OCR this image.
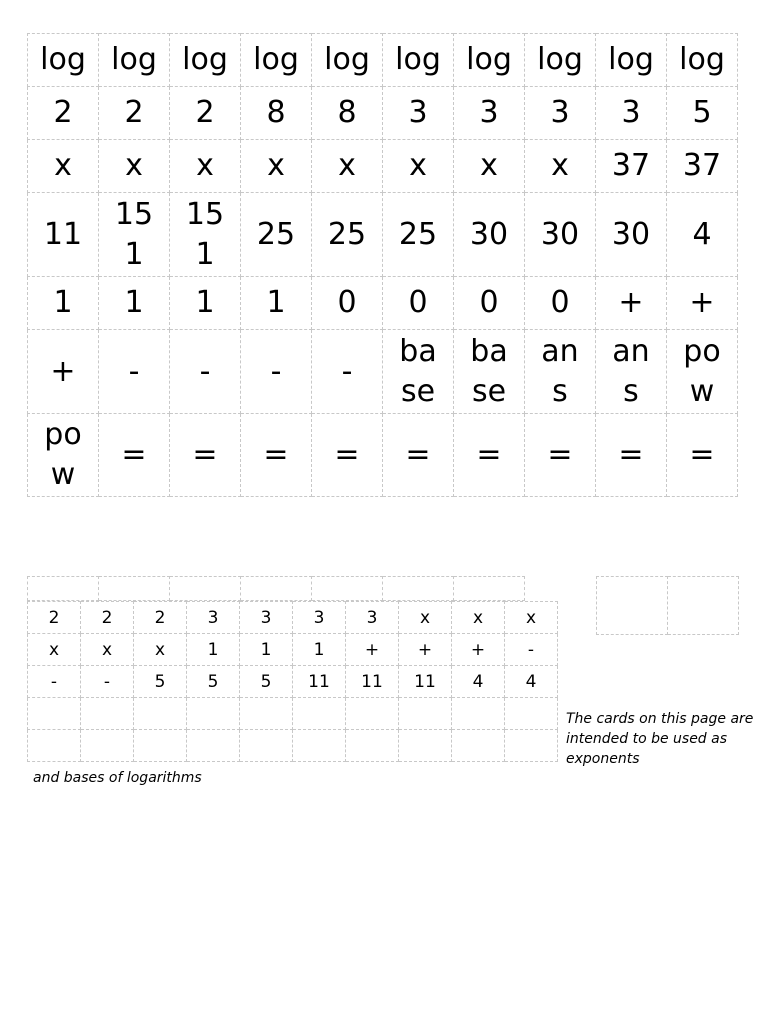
log	log	log	log	log	log	log	log	log	log

2	2	2	8	8	3	3	3	3	5

x	x	x	x	x	x	x	x	37	37

11	151	151	25	25	25	30	30	30	4

1	1	1	1	0	0	0	0	+	+

+	-	-	-	-	base	base	ans	ans	pow

pow	=	=	=	=	=	=	=	=	=

2	2	2	3	3	3	3	x	x	x
x	x	x	1	1	1	+	+	+	-
-	-	5	5	5	11	11	11	4	4

The cards on this page are intended to be used as exponents

and bases of logarithms
